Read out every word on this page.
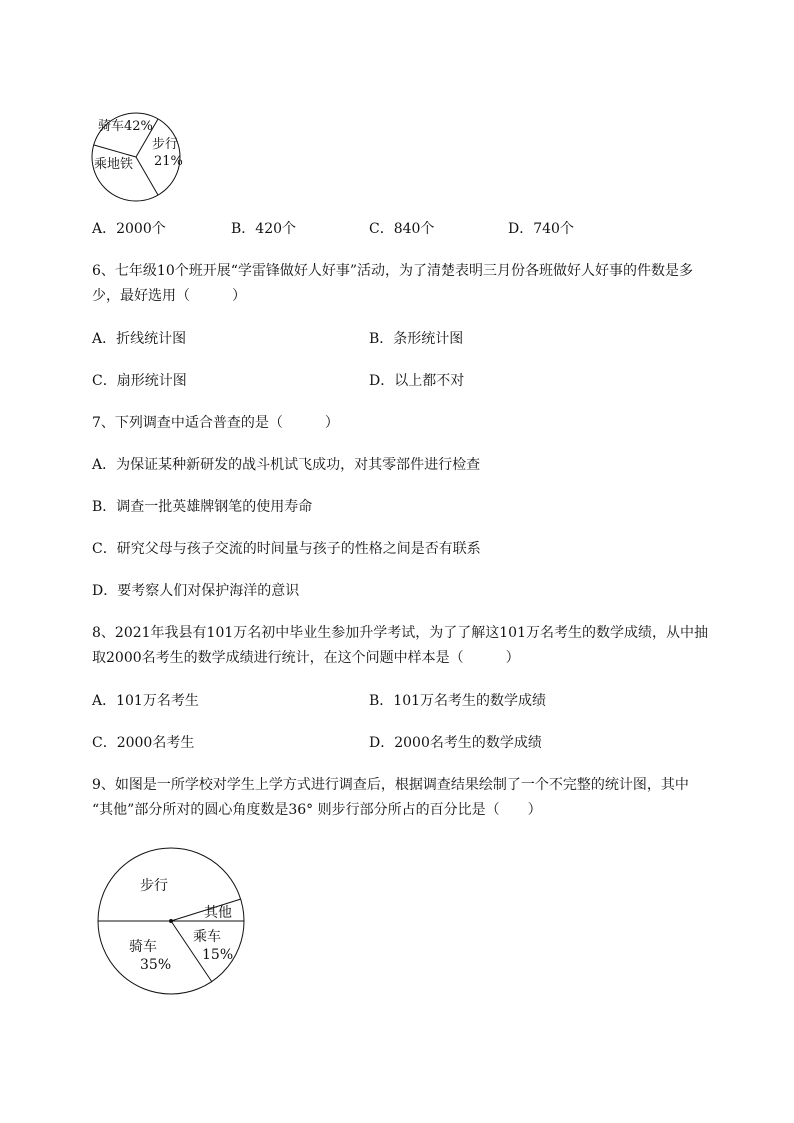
骑车42%
步行
21%
乘地铁
A．2000个	B．420个	C．840个	D．740个
6、七年级10个班开展“学雷锋做好人好事”活动，为了清楚表明三月份各班做好人好事的件数是多
少，最好选用（　　　）
A．折线统计图	B．条形统计图
C．扇形统计图	D．以上都不对
7、下列调查中适合普查的是（　　　）
A．为保证某种新研发的战斗机试飞成功，对其零部件进行检查
B．调查一批英雄牌钢笔的使用寿命
C．研究父母与孩子交流的时间量与孩子的性格之间是否有联系
D．要考察人们对保护海洋的意识
8、2021年我县有101万名初中毕业生参加升学考试，为了了解这101万名考生的数学成绩，从中抽
取2000名考生的数学成绩进行统计，在这个问题中样本是（　　　）
A．101万名考生	B．101万名考生的数学成绩
C．2000名考生	D．2000名考生的数学成绩
9、如图是一所学校对学生上学方式进行调查后，根据调查结果绘制了一个不完整的统计图，其中
“其他”部分所对的圆心角度数是36° 则步行部分所占的百分比是（　　）
步行
其他
骑车
35%
乘车
15%
